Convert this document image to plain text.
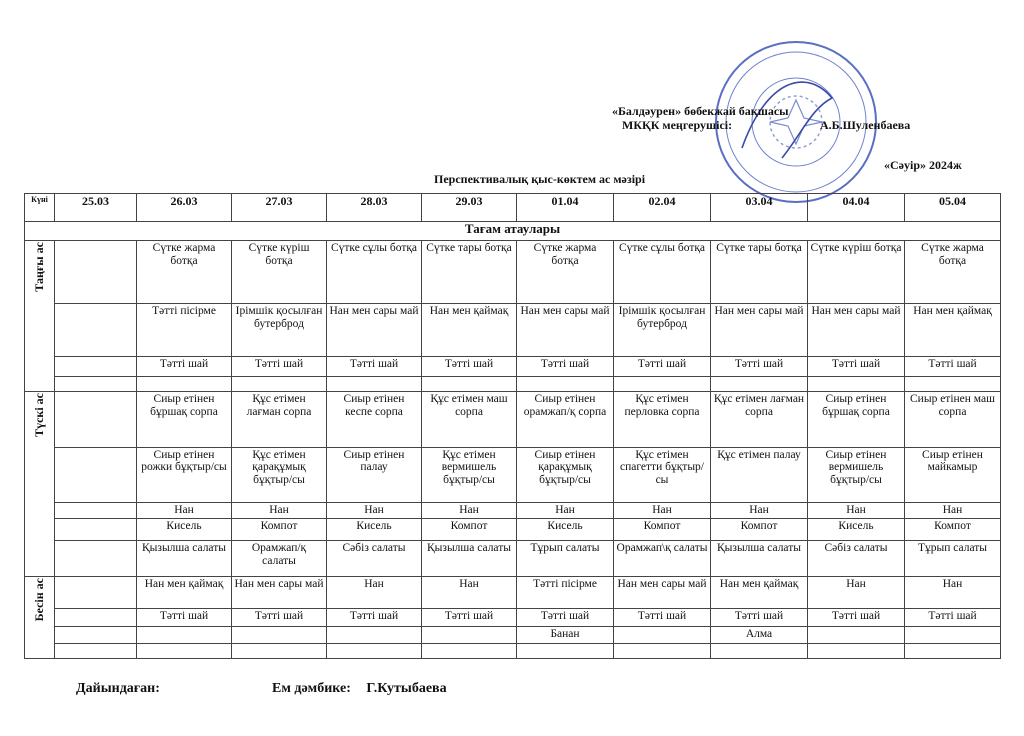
«Балдәурен» бөбекжай бақшасы
МКҚК меңгерушісі:	А.Б.Шуленбаева
Перспективалық қыс-көктем ас мәзірі
«Сәуір» 2024ж
Күні	25.03	26.03	27.03	28.03	29.03	01.04	02.04	03.04	04.04	05.04
Тағам атаулары										

Таңғы ас		Сүтке жарма ботқа	Сүтке күріш ботқа	Сүтке сұлы ботқа	Сүтке тары ботқа	Сүтке жарма ботқа	Сүтке сұлы ботқа	Сүтке тары ботқа	Сүтке күріш ботқа	Сүтке жарма ботқа
		Тәтті пісірме	Ірімшік қосылған бутерброд	Нан мен сары май	Нан мен қаймақ	Нан мен сары май	Ірімшік қосылған бутерброд	Нан мен сары май	Нан мен сары май	Нан мен қаймақ
		Тәтті шай	Тәтті шай	Тәтті шай	Тәтті шай	Тәтті шай	Тәтті шай	Тәтті шай	Тәтті шай	Тәтті шай

Түскі ас		Сиыр етінен бұршақ сорпа	Құс етімен лағман сорпа	Сиыр етінен кеспе сорпа	Құс етімен маш сорпа	Сиыр етінен орамжап/қ сорпа	Құс етімен перловка сорпа	Құс етімен лағман сорпа	Сиыр етінен бұршақ сорпа	Сиыр етінен маш сорпа
		Сиыр етінен рожки бұқтыр/сы	Құс етімен қарақұмық бұқтыр/сы	Сиыр етінен палау	Құс етімен вермишель бұқтыр/сы	Сиыр етінен қарақұмық бұқтыр/сы	Құс етімен спагетти бұқтыр/сы	Құс етімен палау	Сиыр етінен вермишель бұқтыр/сы	Сиыр етінен майкамыр
		Нан	Нан	Нан	Нан	Нан	Нан	Нан	Нан	Нан
		Кисель	Компот	Кисель	Компот	Кисель	Компот	Компот	Кисель	Компот
		Қызылша салаты	Орамжап/қ салаты	Сәбіз салаты	Қызылша салаты	Тұрып салаты	Орамжап\қ салаты	Қызылша салаты	Сәбіз салаты	Тұрып салаты

Бесін ас		Нан мен қаймақ	Нан мен сары май	Нан	Нан	Тәтті пісірме	Нан мен сары май	Нан мен қаймақ	Нан	Нан
		Тәтті шай	Тәтті шай	Тәтті шай	Тәтті шай	Тәтті шай	Тәтті шай	Тәтті шай	Тәтті шай	Тәтті шай
						Банан		Алма		

Дайындаған:	Ем дәмбике: Г.Кутыбаева
